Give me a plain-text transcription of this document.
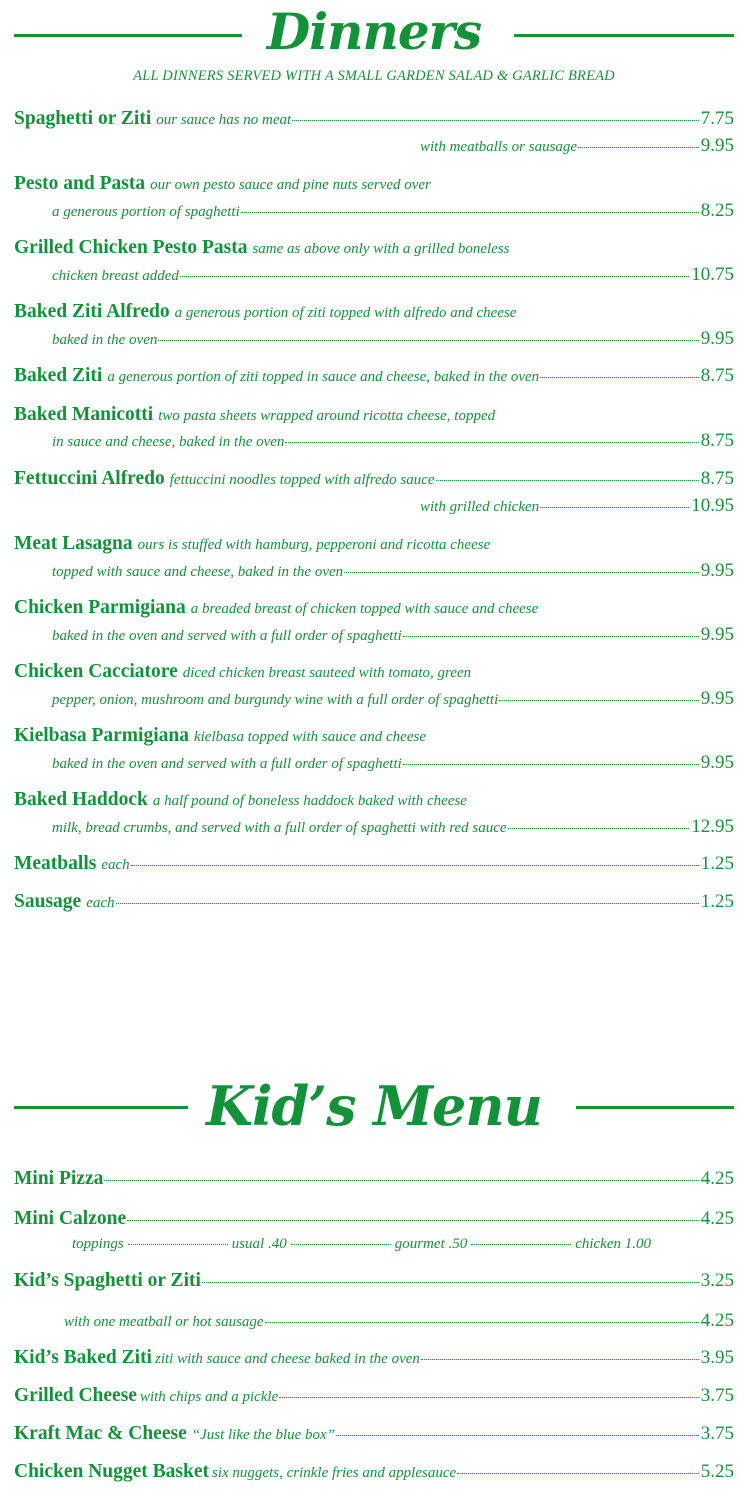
Dinners
ALL DINNERS SERVED WITH A SMALL GARDEN SALAD & GARLIC BREAD
Spaghetti or Ziti our sauce has no meat	7.75
with meatballs or sausage	9.95
Pesto and Pasta our own pesto sauce and pine nuts served over
a generous portion of spaghetti	8.25
Grilled Chicken Pesto Pasta same as above only with a grilled boneless
chicken breast added	10.75
Baked Ziti Alfredo a generous portion of ziti topped with alfredo and cheese
baked in the oven	9.95
Baked Ziti a generous portion of ziti topped in sauce and cheese, baked in the oven	8.75
Baked Manicotti two pasta sheets wrapped around ricotta cheese, topped
in sauce and cheese, baked in the oven	8.75
Fettuccini Alfredo fettuccini noodles topped with alfredo sauce	8.75
with grilled chicken	10.95
Meat Lasagna ours is stuffed with hamburg, pepperoni and ricotta cheese
topped with sauce and cheese, baked in the oven	9.95
Chicken Parmigiana a breaded breast of chicken topped with sauce and cheese
baked in the oven and served with a full order of spaghetti	9.95
Chicken Cacciatore diced chicken breast sauteed with tomato, green
pepper, onion, mushroom and burgundy wine with a full order of spaghetti	9.95
Kielbasa Parmigiana kielbasa topped with sauce and cheese
baked in the oven and served with a full order of spaghetti	9.95
Baked Haddock a half pound of boneless haddock baked with cheese
milk, bread crumbs, and served with a full order of spaghetti with red sauce	12.95
Meatballs each	1.25
Sausage each	1.25
Kid’s Menu
Mini Pizza	4.25
Mini Calzone	4.25
toppings	usual .40	gourmet .50	chicken 1.00
Kid’s Spaghetti or Ziti	3.25
with one meatball or hot sausage	4.25
Kid’s Baked Ziti ziti with sauce and cheese baked in the oven	3.95
Grilled Cheese with chips and a pickle	3.75
Kraft Mac & Cheese “Just like the blue box”	3.75
Chicken Nugget Basket six nuggets, crinkle fries and applesauce	5.25
